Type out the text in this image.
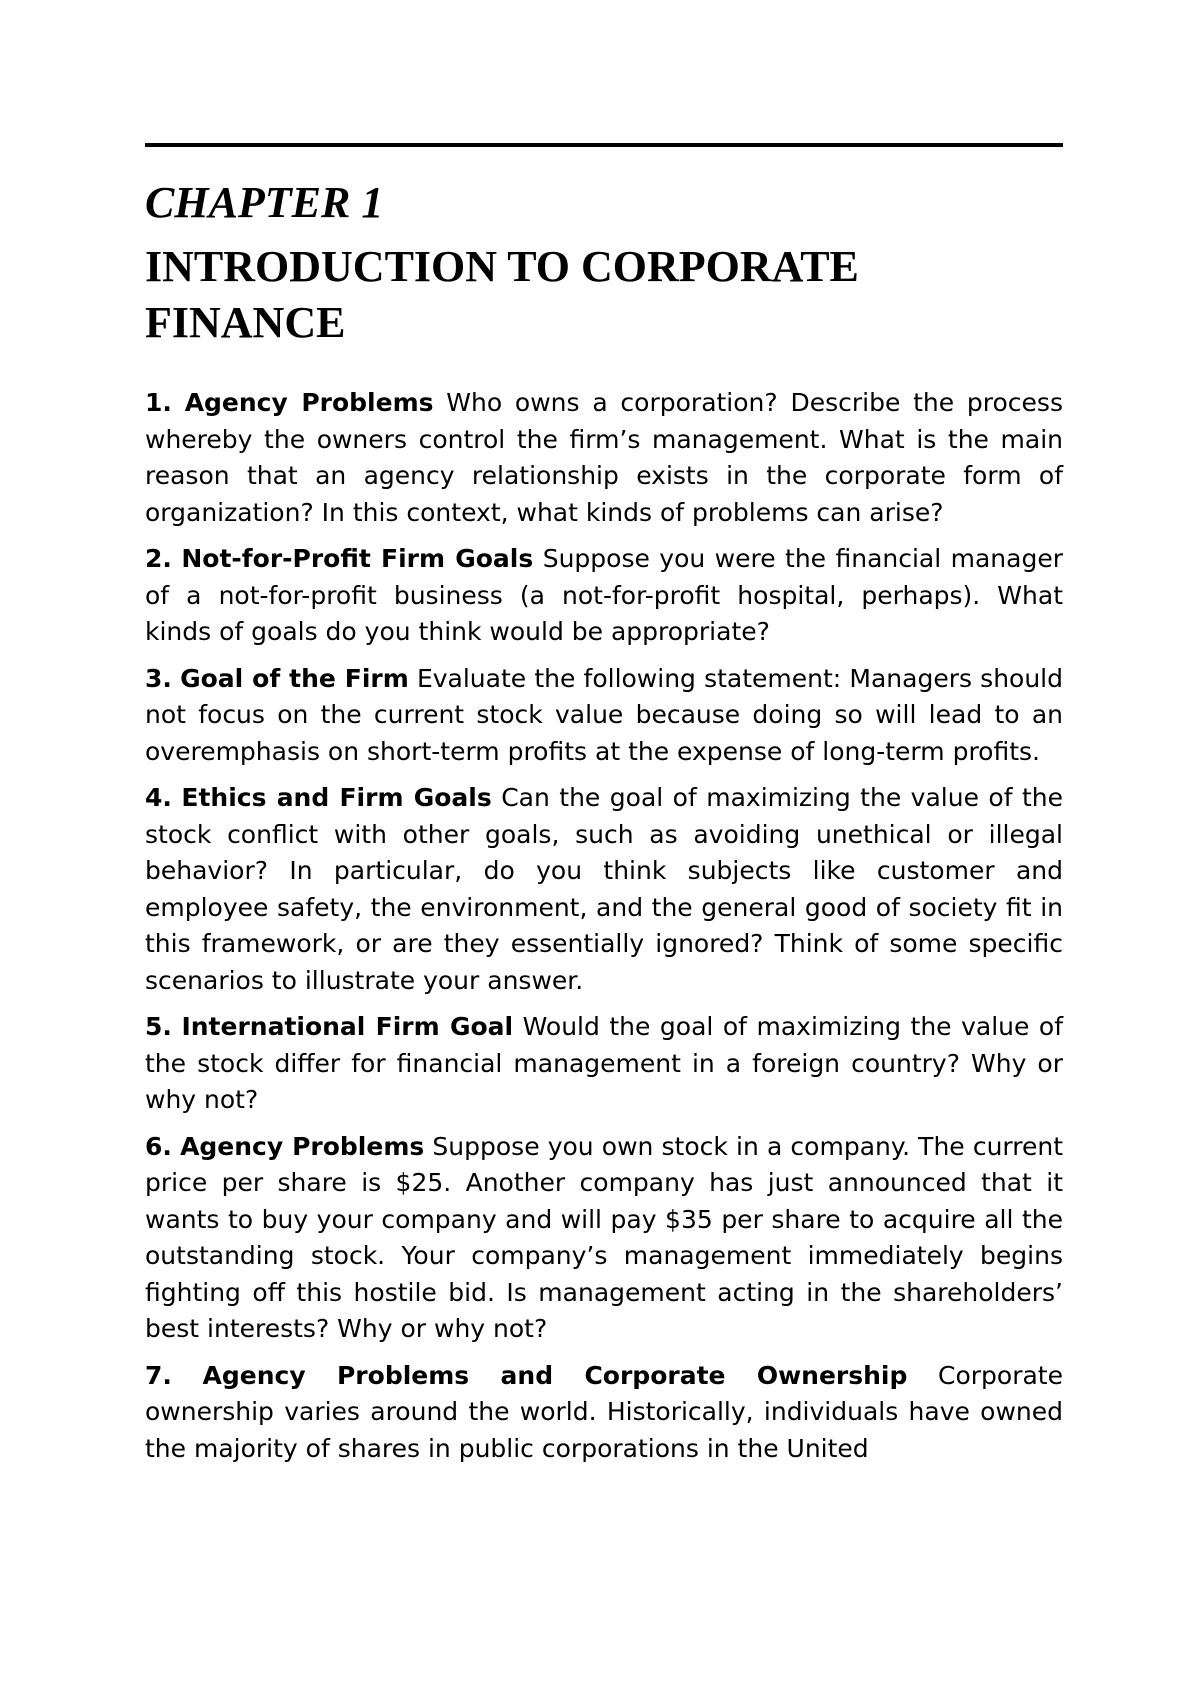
CHAPTER 1
INTRODUCTION TO CORPORATE FINANCE
1. Agency Problems Who owns a corporation? Describe the process whereby the owners control the firm’s management. What is the main reason that an agency relationship exists in the corporate form of organization? In this context, what kinds of problems can arise?
2. Not-for-Profit Firm Goals Suppose you were the financial manager of a not-for-profit business (a not-for-profit hospital, perhaps). What kinds of goals do you think would be appropriate?
3. Goal of the Firm Evaluate the following statement: Managers should not focus on the current stock value because doing so will lead to an overemphasis on short-term profits at the expense of long-term profits.
4. Ethics and Firm Goals Can the goal of maximizing the value of the stock conflict with other goals, such as avoiding unethical or illegal behavior? In particular, do you think subjects like customer and employee safety, the environment, and the general good of society fit in this framework, or are they essentially ignored? Think of some specific scenarios to illustrate your answer.
5. International Firm Goal Would the goal of maximizing the value of the stock differ for financial management in a foreign country? Why or why not?
6. Agency Problems Suppose you own stock in a company. The current price per share is $25. Another company has just announced that it wants to buy your company and will pay $35 per share to acquire all the outstanding stock. Your company’s management immediately begins fighting off this hostile bid. Is management acting in the shareholders’ best interests? Why or why not?
7. Agency Problems and Corporate Ownership Corporate ownership varies around the world. Historically, individuals have owned the majority of shares in public corporations in the United
